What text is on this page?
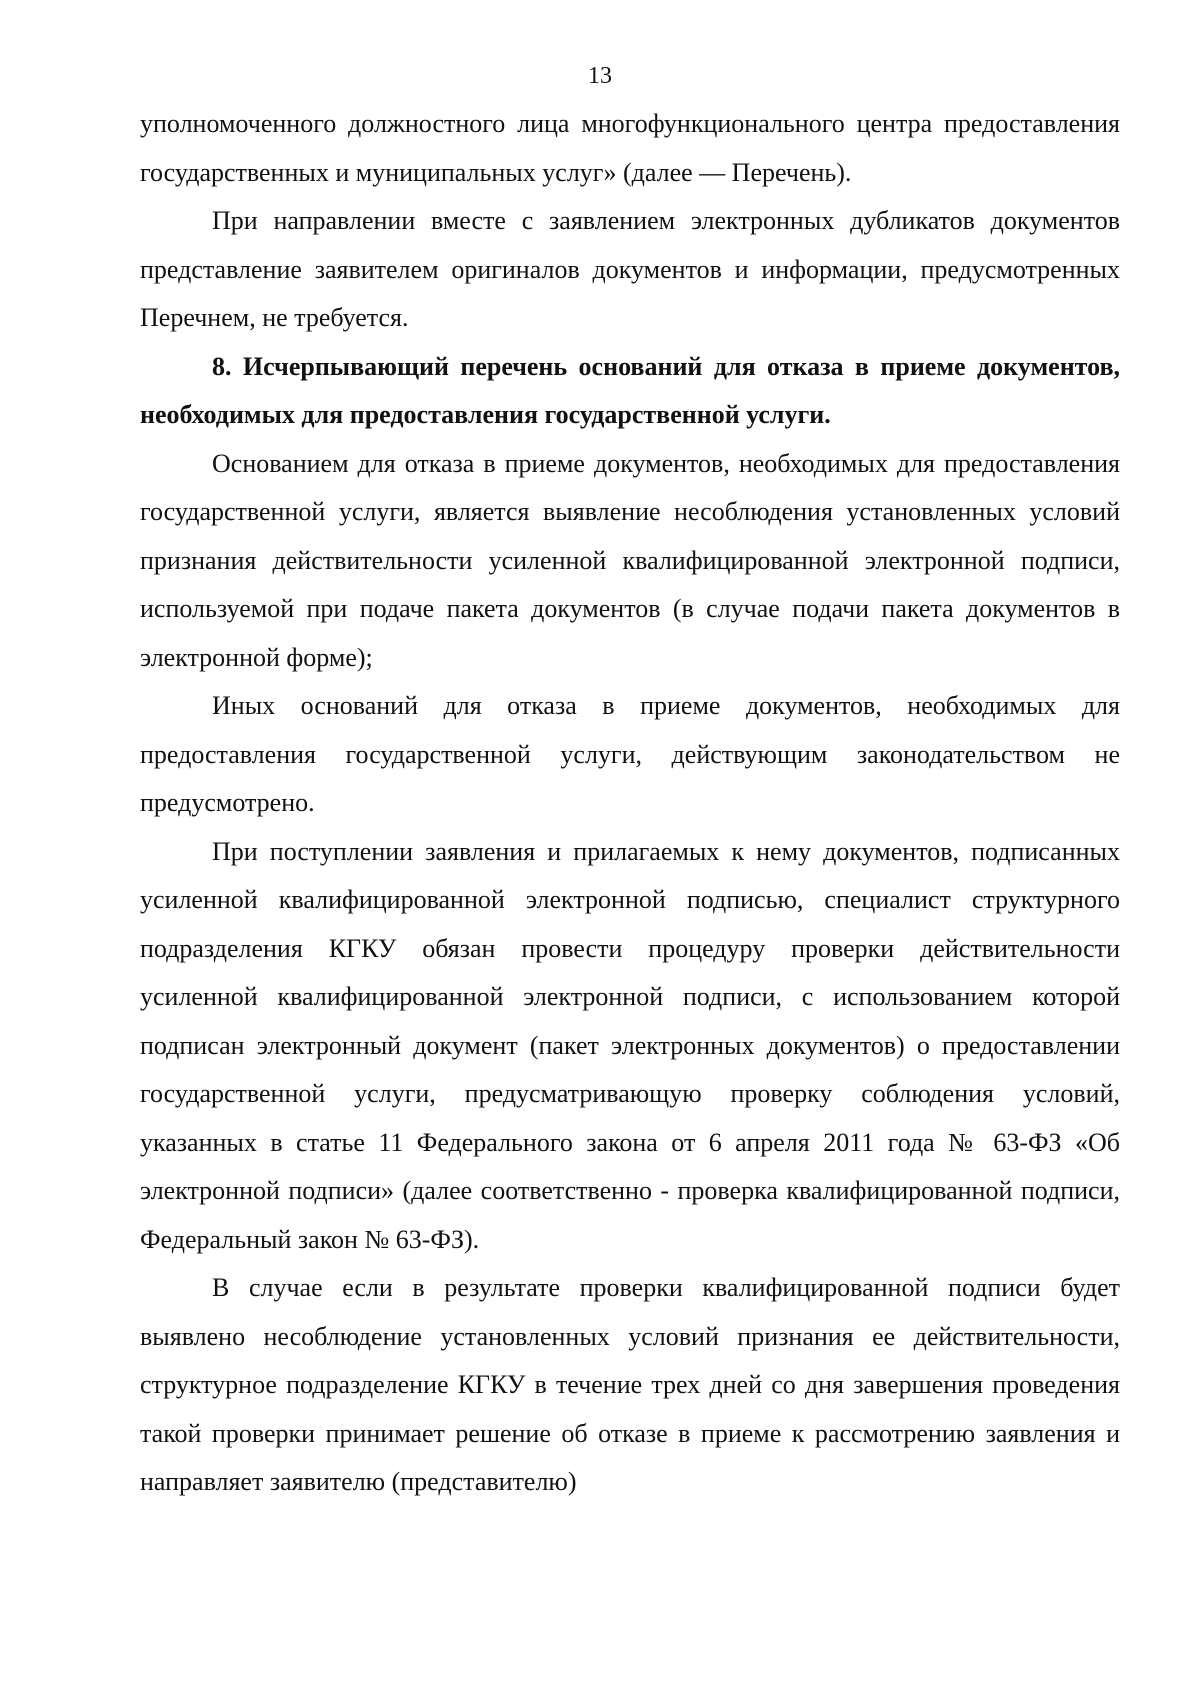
13

уполномоченного должностного лица многофункционального центра предоставления государственных и муниципальных услуг» (далее — Перечень).

При направлении вместе с заявлением электронных дубликатов документов представление заявителем оригиналов документов и информации, предусмотренных Перечнем, не требуется.

8. Исчерпывающий перечень оснований для отказа в приеме документов, необходимых для предоставления государственной услуги.

Основанием для отказа в приеме документов, необходимых для предоставления государственной услуги, является выявление несоблюдения установленных условий признания действительности усиленной квалифицированной электронной подписи, используемой при подаче пакета документов (в случае подачи пакета документов в электронной форме);

Иных оснований для отказа в приеме документов, необходимых для предоставления государственной услуги, действующим законодательством не предусмотрено.

При поступлении заявления и прилагаемых к нему документов, подписанных усиленной квалифицированной электронной подписью, специалист структурного подразделения КГКУ обязан провести процедуру проверки действительности усиленной квалифицированной электронной подписи, с использованием которой подписан электронный документ (пакет электронных документов) о предоставлении государственной услуги, предусматривающую проверку соблюдения условий, указанных в статье 11 Федерального закона от 6 апреля 2011 года № 63-ФЗ «Об электронной подписи» (далее соответственно - проверка квалифицированной подписи, Федеральный закон № 63-ФЗ).

В случае если в результате проверки квалифицированной подписи будет выявлено несоблюдение установленных условий признания ее действительности, структурное подразделение КГКУ в течение трех дней со дня завершения проведения такой проверки принимает решение об отказе в приеме к рассмотрению заявления и направляет заявителю (представителю)
